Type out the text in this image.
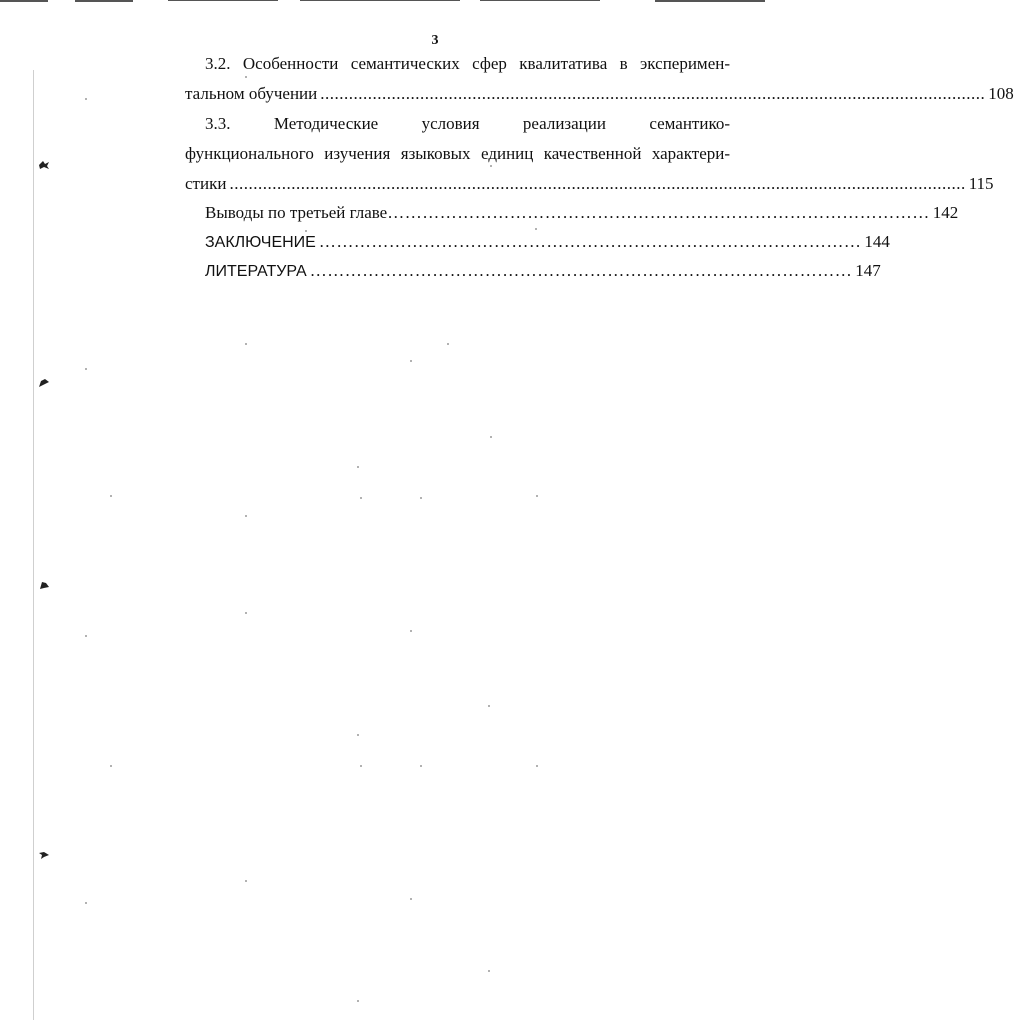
3
3.2. Особенности семантических сфер квалитатива в эксперимен-
тальном обучении ............................................................................................................................................ 108
3.3.	Методические	условия	реализации	семантико-
функционального изучения языковых единиц качественной характери-
стики ........................................................................................................................................................... 115
Выводы по третьей главе ………………………………………………………………………………… 142
ЗАКЛЮЧЕНИЕ ………………………………………………………………………………… 144
ЛИТЕРАТУРА ………………………………………………………………………………… 147
